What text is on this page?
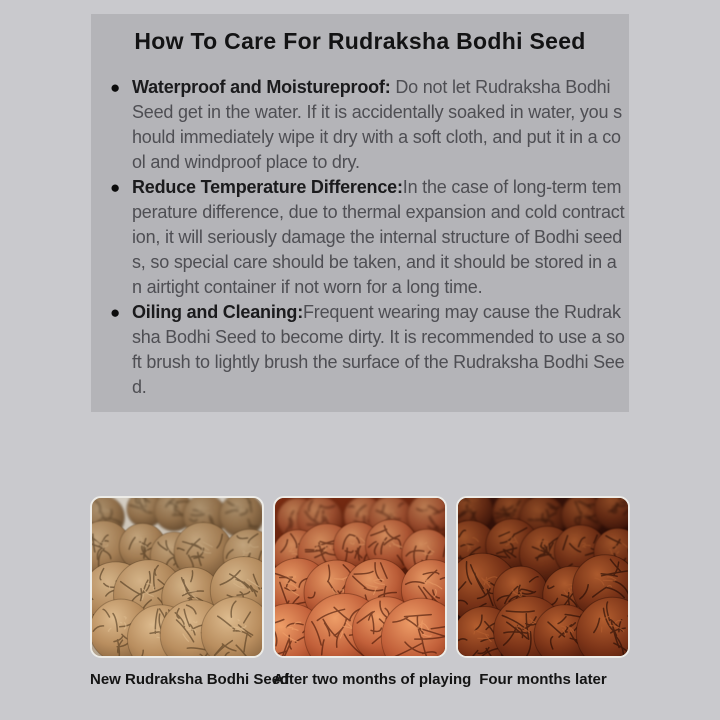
How To Care For Rudraksha Bodhi Seed
● Waterproof and Moistureproof: Do not let Rudraksha Bodhi Seed get in the water. If it is accidentally soaked in water, you should immediately wipe it dry with a soft cloth, and put it in a cool and windproof place to dry.
● Reduce Temperature Difference:In the case of long-term temperature difference, due to thermal expansion and cold contraction, it will seriously damage the internal structure of Bodhi seeds, so special care should be taken, and it should be stored in an airtight container if not worn for a long time.
● Oiling and Cleaning:Frequent wearing may cause the Rudraksha Bodhi Seed to become dirty. It is recommended to use a soft brush to lightly brush the surface of the Rudraksha Bodhi Seed.
New Rudraksha Bodhi Seed
After two months of playing Four months later
